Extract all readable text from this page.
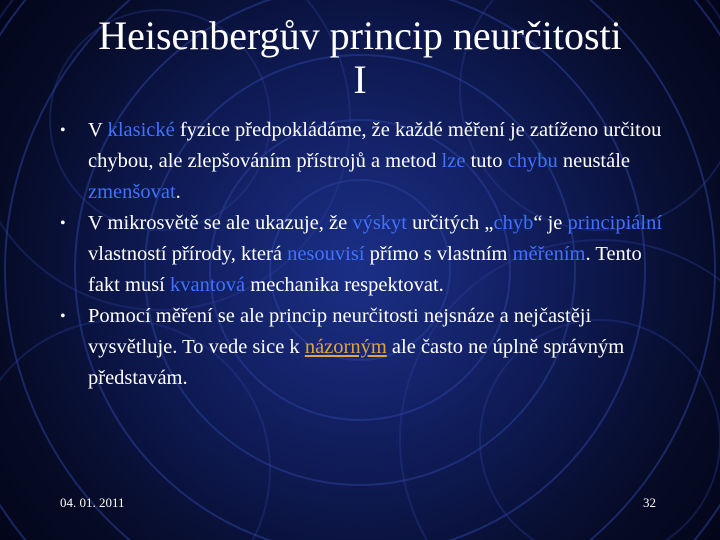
Heisenbergův princip neurčitosti
I

• V klasické fyzice předpokládáme, že každé měření je zatíženo určitou chybou, ale zlepšováním přístrojů a metod lze tuto chybu neustále zmenšovat.

• V mikrosvětě se ale ukazuje, že výskyt určitých „chyb“ je principiální vlastností přírody, která nesouvisí přímo s vlastním měřením. Tento fakt musí kvantová mechanika respektovat.

• Pomocí měření se ale princip neurčitosti nejsnáze a nejčastěji vysvětluje. To vede sice k názorným ale často ne úplně správným představám.

04. 01. 2011	32
